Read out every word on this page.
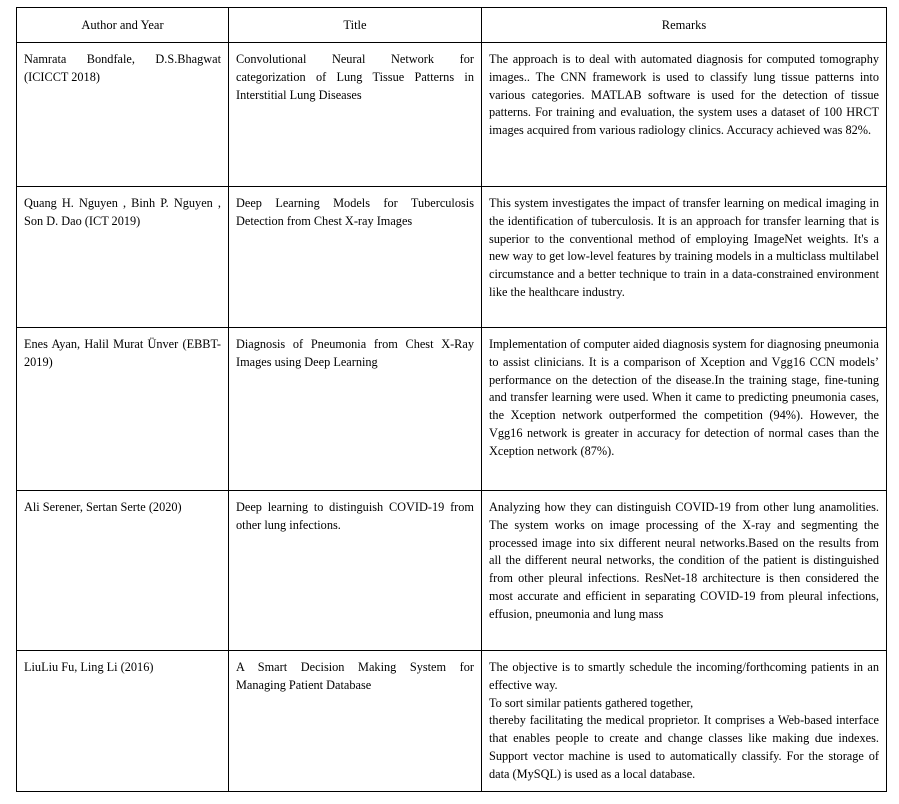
Author and Year	Title	Remarks

Namrata Bondfale, D.S.Bhagwat (ICICCT 2018)	Convolutional Neural Network for categorization of Lung Tissue Patterns in Interstitial Lung Diseases	The approach is to deal with automated diagnosis for computed tomography images.. The CNN framework is used to classify lung tissue patterns into various categories. MATLAB software is used for the detection of tissue patterns. For training and evaluation, the system uses a dataset of 100 HRCT images acquired from various radiology clinics. Accuracy achieved was 82%.

Quang H. Nguyen , Binh P. Nguyen , Son D. Dao (ICT 2019)	Deep Learning Models for Tuberculosis Detection from Chest X-ray Images	This system investigates the impact of transfer learning on medical imaging in the identification of tuberculosis. It is an approach for transfer learning that is superior to the conventional method of employing ImageNet weights. It's a new way to get low-level features by training models in a multiclass multilabel circumstance and a better technique to train in a data-constrained environment like the healthcare industry.

Enes Ayan, Halil Murat Ünver (EBBT-2019)	Diagnosis of Pneumonia from Chest X-Ray Images using Deep Learning	Implementation of computer aided diagnosis system for diagnosing pneumonia to assist clinicians. It is a comparison of Xception and Vgg16 CCN models’ performance on the detection of the disease.In the training stage, fine-tuning and transfer learning were used. When it came to predicting pneumonia cases, the Xception network outperformed the competition (94%). However, the Vgg16 network is greater in accuracy for detection of normal cases than the Xception network (87%).

Ali Serener, Sertan Serte (2020)	Deep learning to distinguish COVID-19 from other lung infections.	Analyzing how they can distinguish COVID-19 from other lung anamolities. The system works on image processing of the X-ray and segmenting the processed image into six different neural networks.Based on the results from all the different neural networks, the condition of the patient is distinguished from other pleural infections. ResNet-18 architecture is then considered the most accurate and efficient in separating COVID-19 from pleural infections, effusion, pneumonia and lung mass

LiuLiu Fu, Ling Li (2016)	A Smart Decision Making System for Managing Patient Database	The objective is to smartly schedule the incoming/forthcoming patients in an effective way.
To sort similar patients gathered together,
thereby facilitating the medical proprietor. It comprises a Web-based interface that enables people to create and change classes like making due indexes. Support vector machine is used to automatically classify. For the storage of data (MySQL) is used as a local database.
